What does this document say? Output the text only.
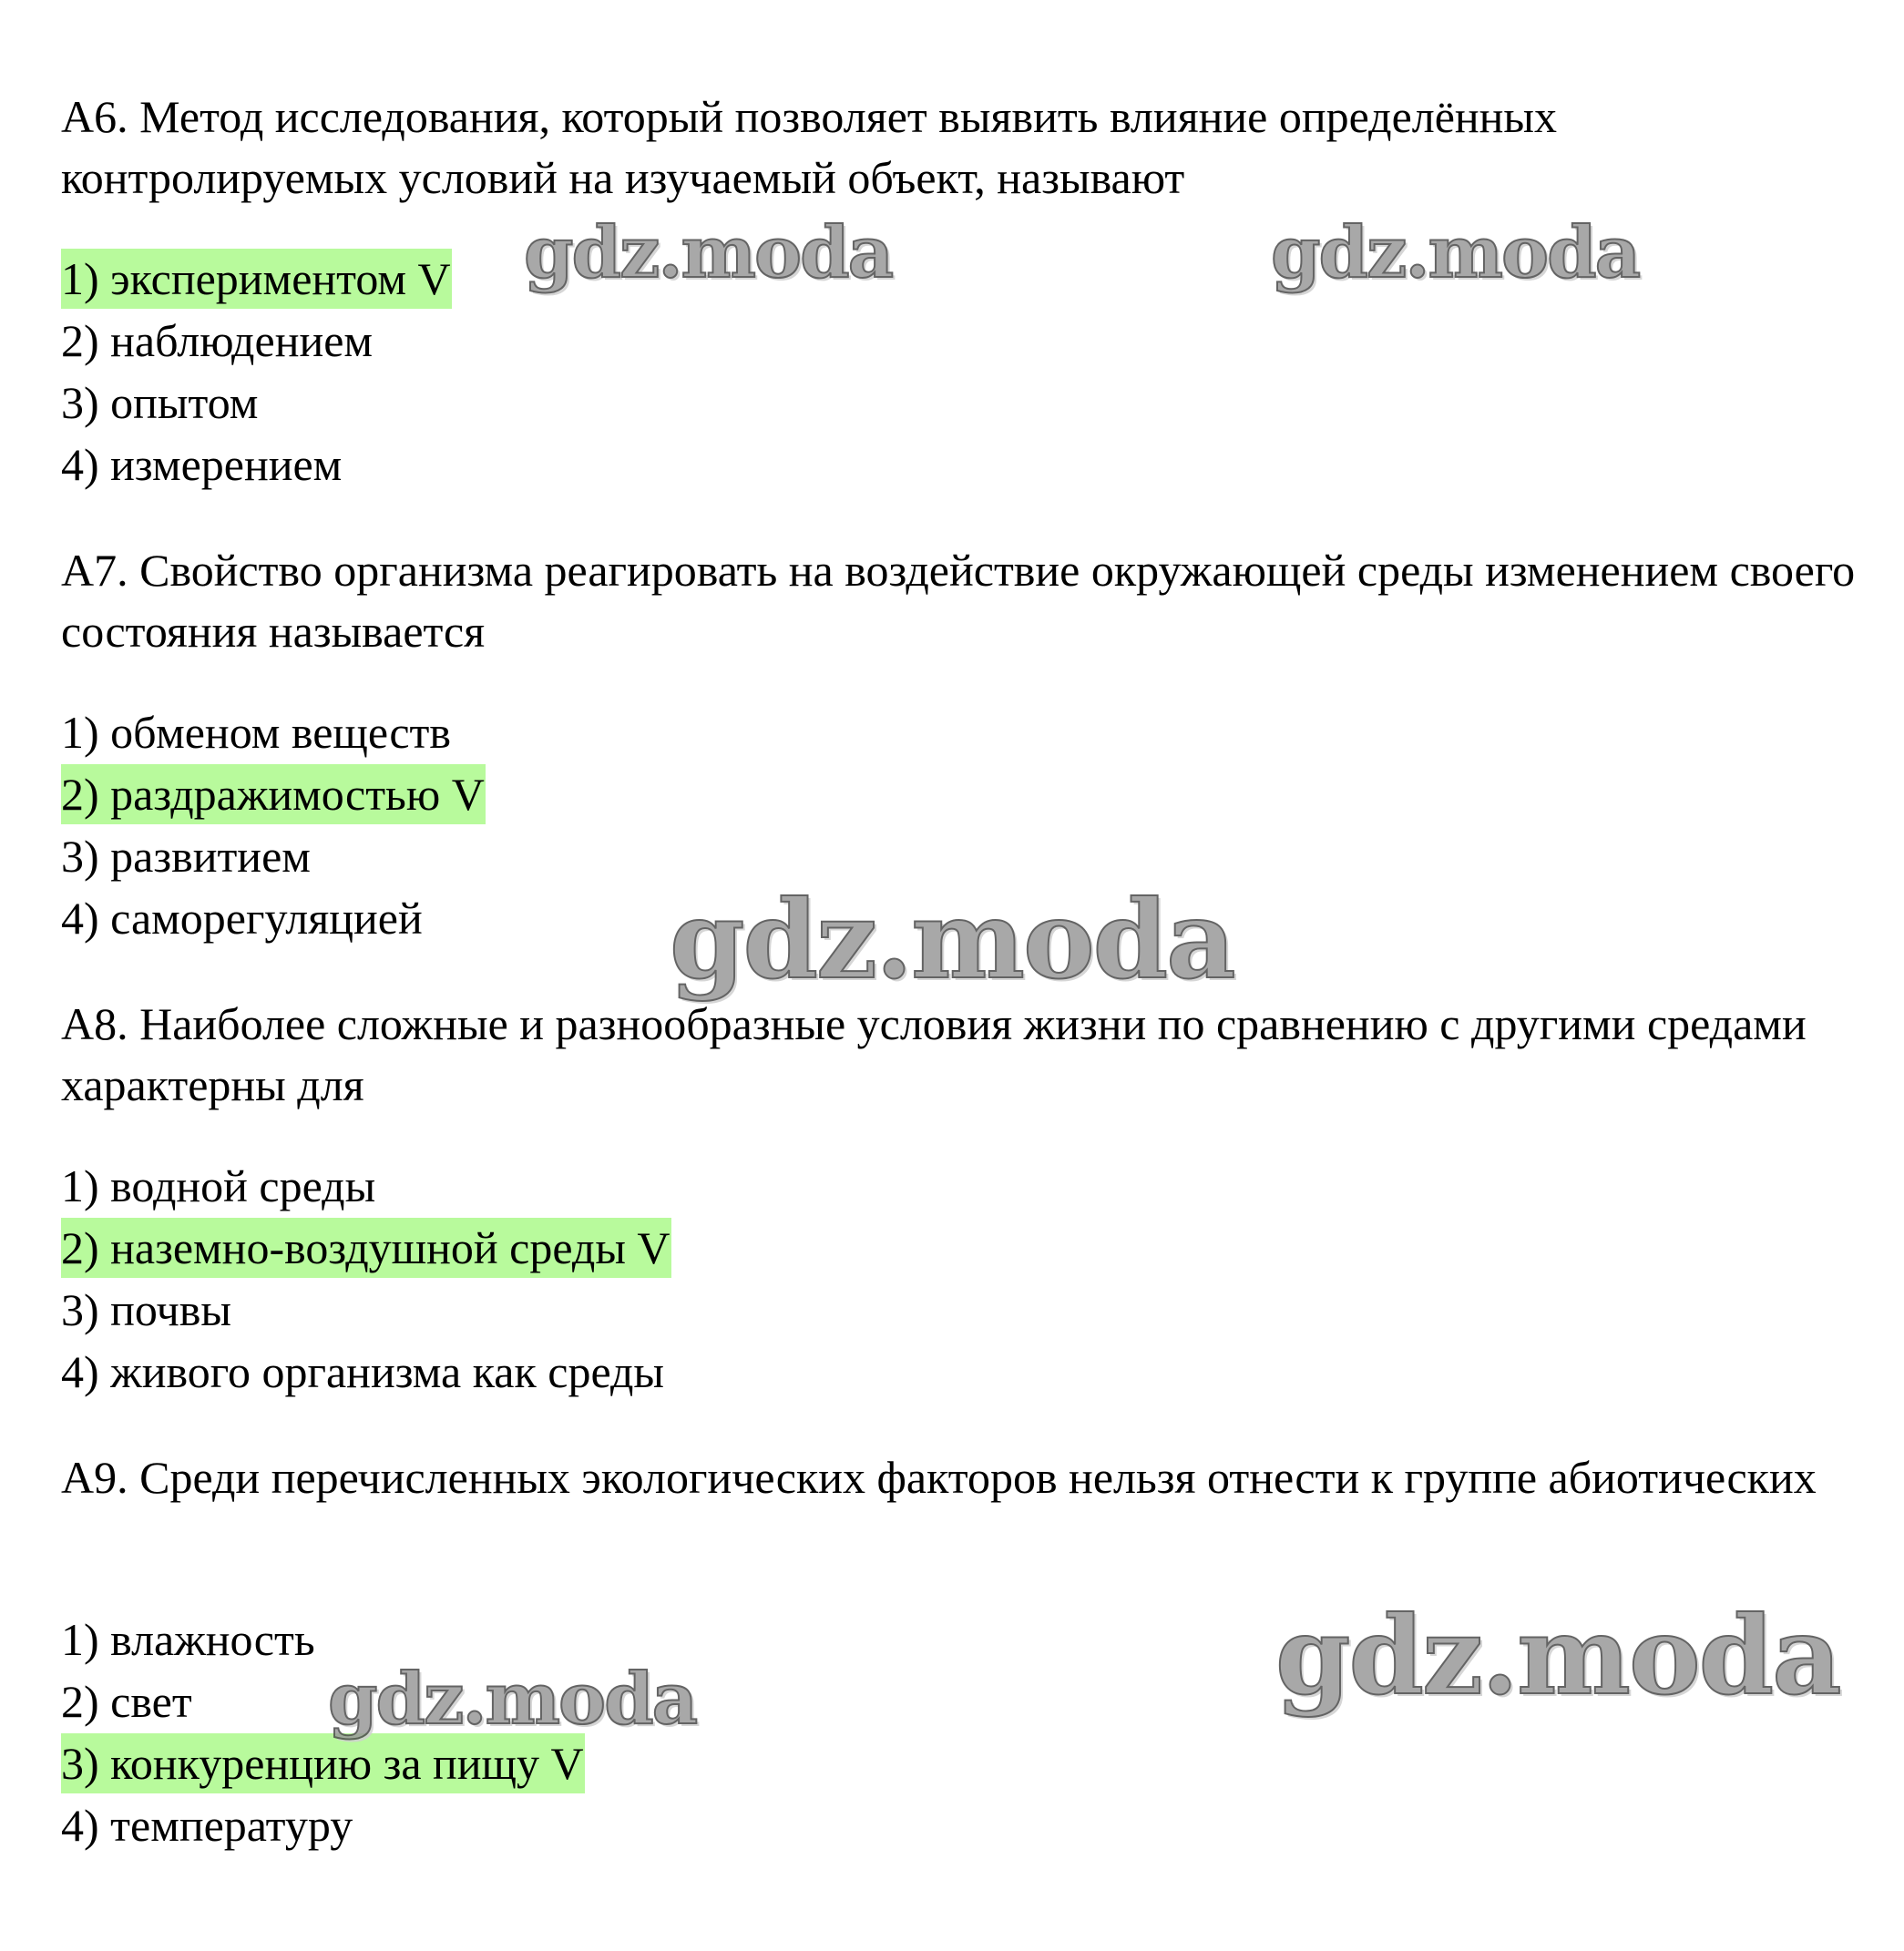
А6. Метод исследования, который позволяет выявить влияние определённых контролируемых условий на изучаемый объект, называют

1) экспериментом V
2) наблюдением
3) опытом
4) измерением

А7. Свойство организма реагировать на воздействие окружающей среды изменением своего состояния называется

1) обменом веществ
2) раздражимостью V
3) развитием
4) саморегуляцией

А8. Наиболее сложные и разнообразные условия жизни по сравнению с другими средами характерны для

1) водной среды
2) наземно-воздушной среды V
3) почвы
4) живого организма как среды

А9. Среди перечисленных экологических факторов нельзя отнести к группе абиотических

1) влажность
2) свет
3) конкуренцию за пищу V
4) температуру
gdz.moda	gdz.moda
gdz.moda
gdz.moda
gdz.moda
